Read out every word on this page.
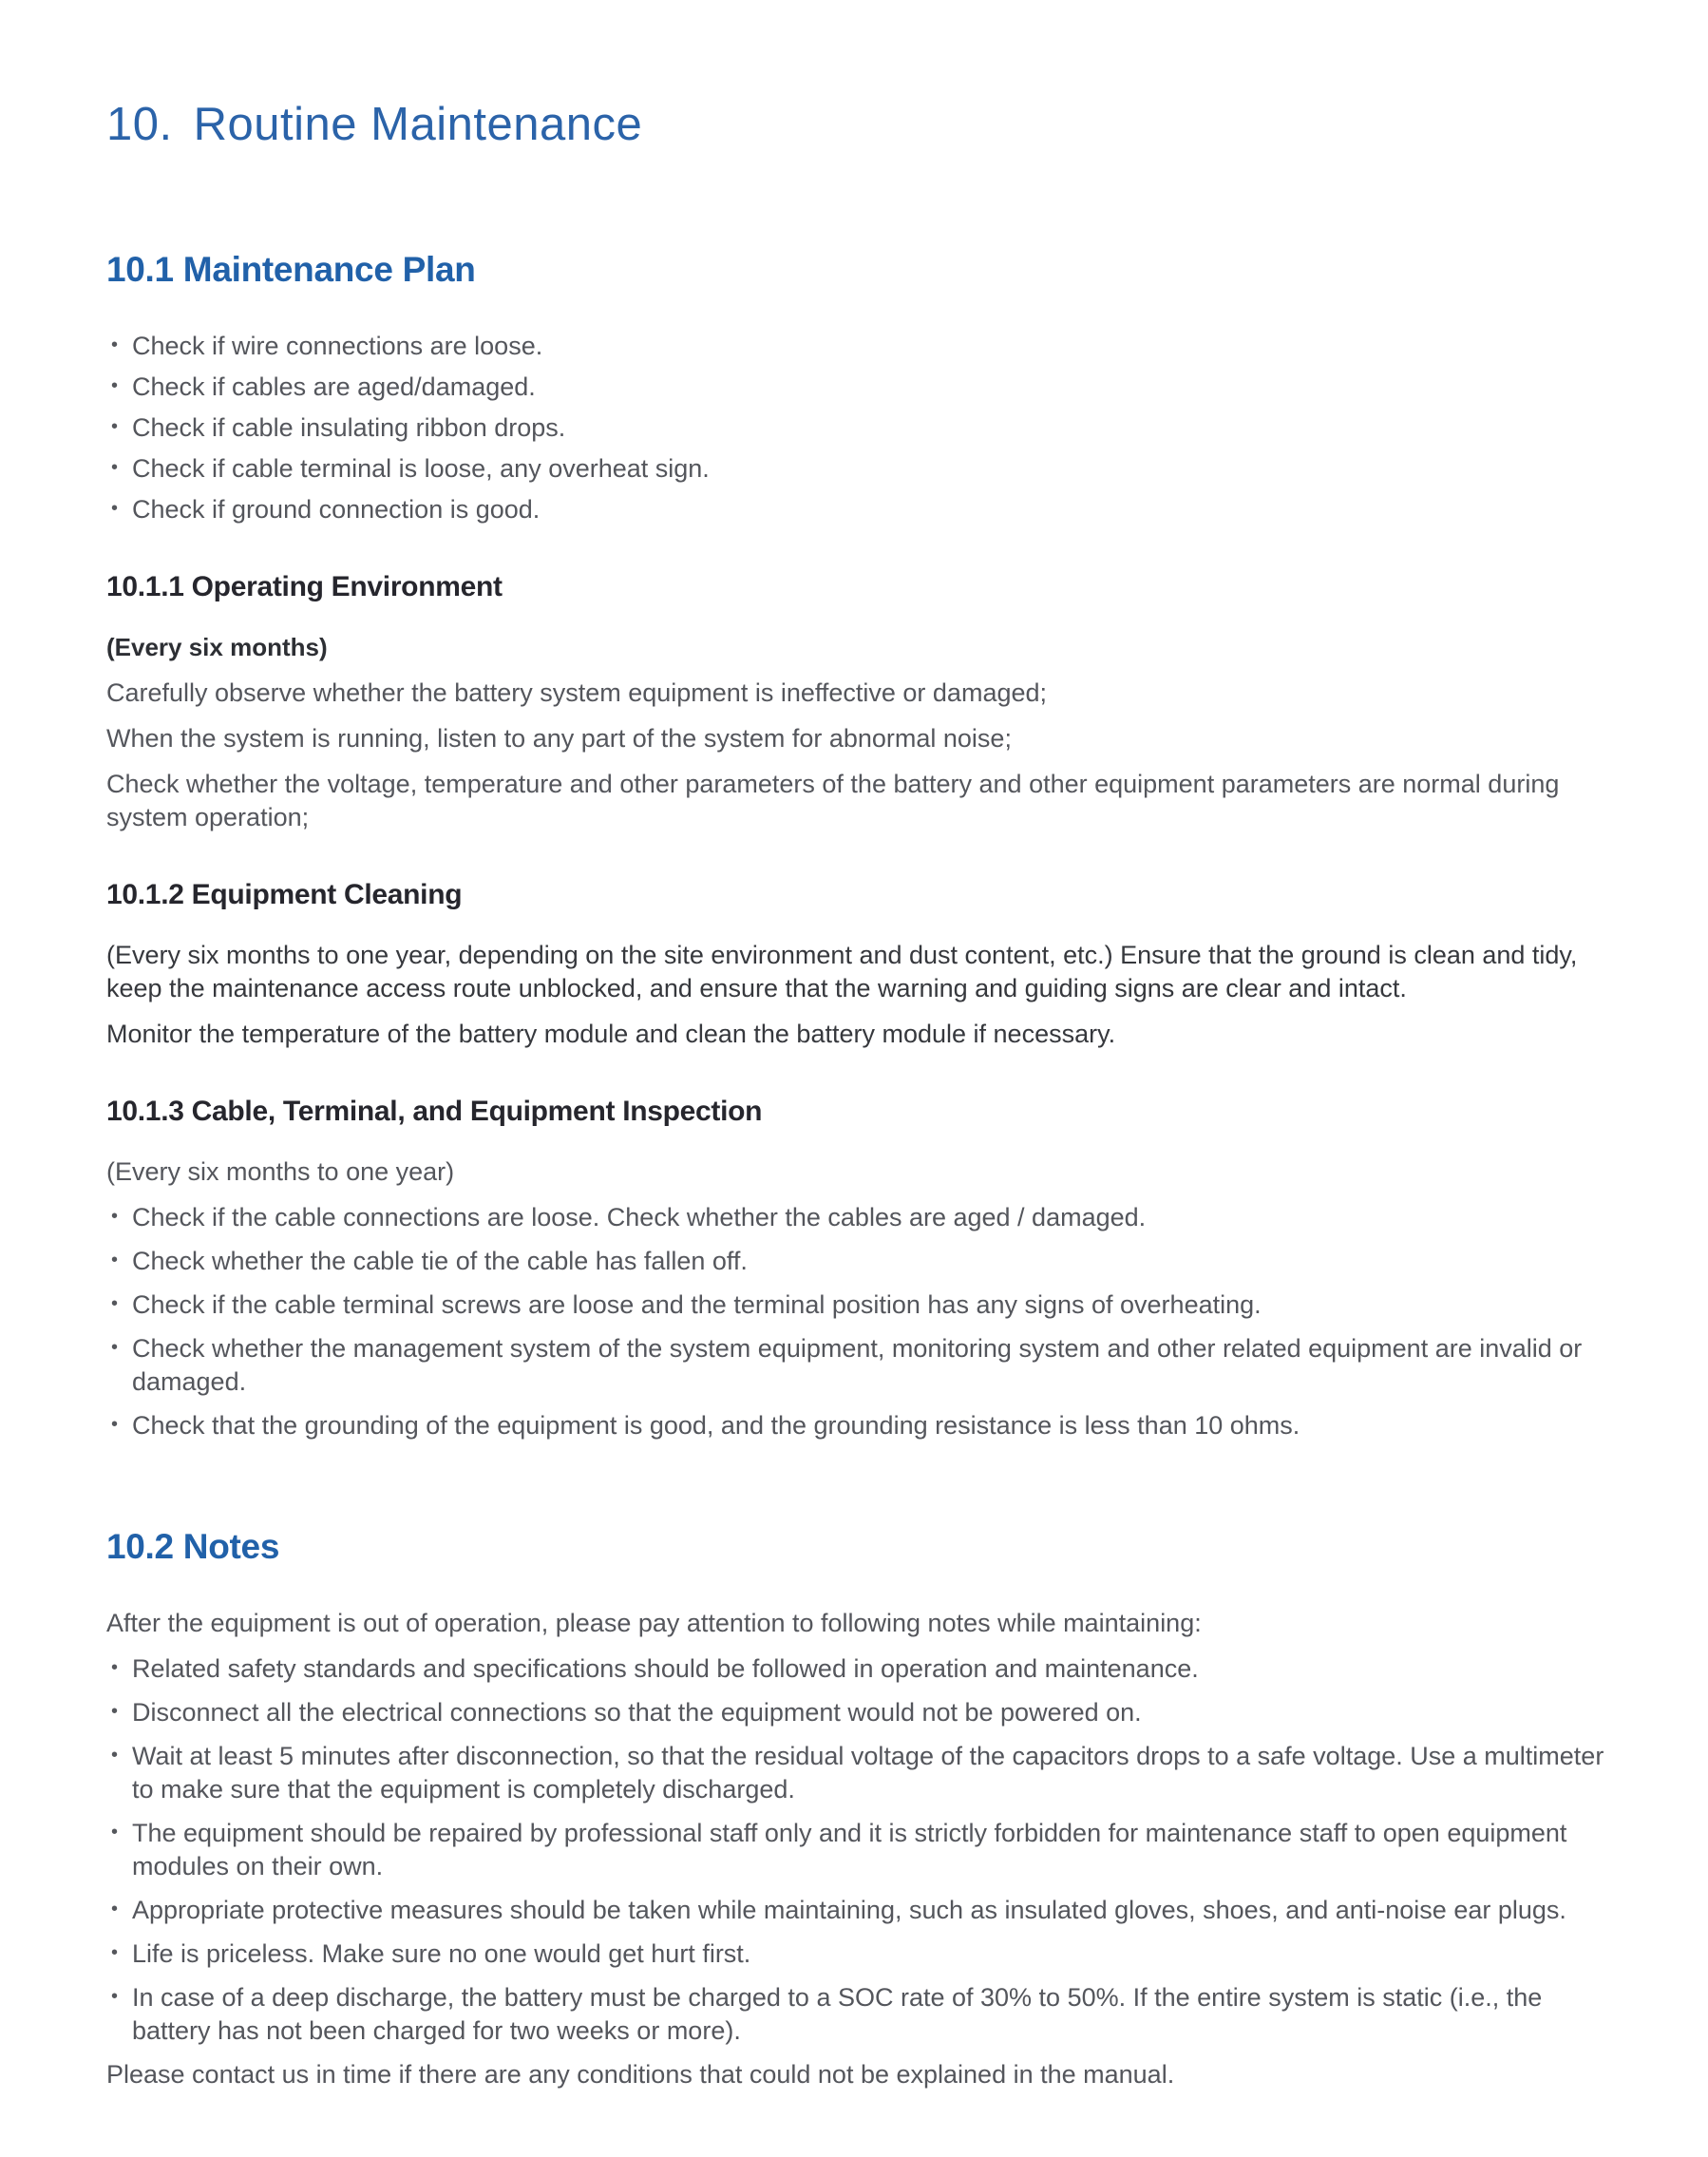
10. Routine Maintenance
10.1 Maintenance Plan
• Check if wire connections are loose.
• Check if cables are aged/damaged.
• Check if cable insulating ribbon drops.
• Check if cable terminal is loose, any overheat sign.
• Check if ground connection is good.
10.1.1 Operating Environment

(Every six months)

Carefully observe whether the battery system equipment is ineffective or damaged;

When the system is running, listen to any part of the system for abnormal noise;

Check whether the voltage, temperature and other parameters of the battery and other equipment parameters are normal during system operation;

10.1.2 Equipment Cleaning

(Every six months to one year, depending on the site environment and dust content, etc.) Ensure that the ground is clean and tidy, keep the maintenance access route unblocked, and ensure that the warning and guiding signs are clear and intact.

Monitor the temperature of the battery module and clean the battery module if necessary.

10.1.3 Cable, Terminal, and Equipment Inspection

(Every six months to one year)

• Check if the cable connections are loose. Check whether the cables are aged / damaged.
• Check whether the cable tie of the cable has fallen off.
• Check if the cable terminal screws are loose and the terminal position has any signs of overheating.
• Check whether the management system of the system equipment, monitoring system and other related equipment are invalid or damaged.
• Check that the grounding of the equipment is good, and the grounding resistance is less than 10 ohms.
10.2 Notes

After the equipment is out of operation, please pay attention to following notes while maintaining:

• Related safety standards and specifications should be followed in operation and maintenance.
• Disconnect all the electrical connections so that the equipment would not be powered on.
• Wait at least 5 minutes after disconnection, so that the residual voltage of the capacitors drops to a safe voltage. Use a multimeter to make sure that the equipment is completely discharged.
• The equipment should be repaired by professional staff only and it is strictly forbidden for maintenance staff to open equipment modules on their own.
• Appropriate protective measures should be taken while maintaining, such as insulated gloves, shoes, and anti-noise ear plugs.
• Life is priceless. Make sure no one would get hurt first.
• In case of a deep discharge, the battery must be charged to a SOC rate of 30% to 50%. If the entire system is static (i.e., the battery has not been charged for two weeks or more).

Please contact us in time if there are any conditions that could not be explained in the manual.
